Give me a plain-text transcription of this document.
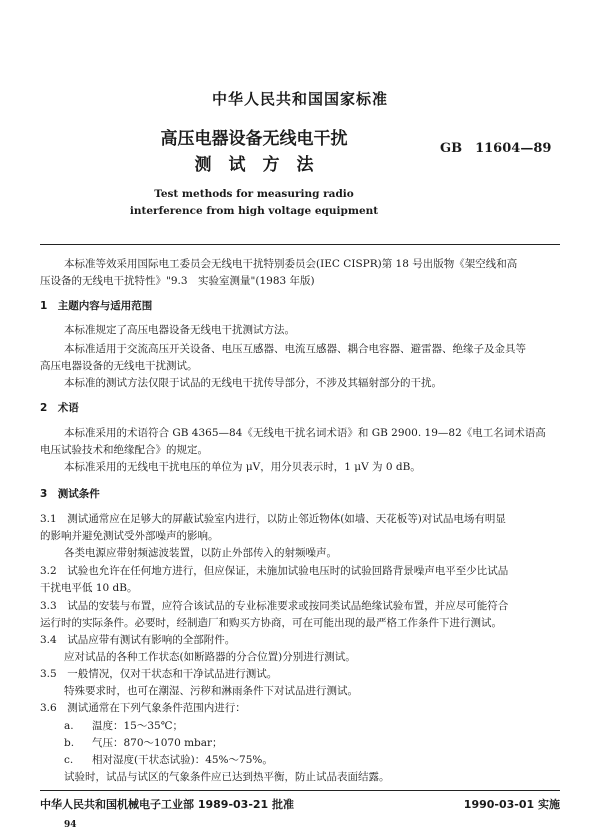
中华人民共和国国家标准
高压电器设备无线电干扰
测　试　方　法
GB　11604—89
Test methods for measuring radio
interference from high voltage equipment
本标准等效采用国际电工委员会无线电干扰特别委员会(IEC CISPR)第 18 号出版物《架空线和高
压设备的无线电干扰特性》"9.3　实验室测量"(1983 年版)
1　主题内容与适用范围
本标准规定了高压电器设备无线电干扰测试方法。
本标准适用于交流高压开关设备、电压互感器、电流互感器、耦合电容器、避雷器、绝缘子及金具等
高压电器设备的无线电干扰测试。
本标准的测试方法仅限于试品的无线电干扰传导部分，不涉及其辐射部分的干扰。
2　术语
本标准采用的术语符合 GB 4365—84《无线电干扰名词术语》和 GB 2900. 19—82《电工名词术语高
电压试验技术和绝缘配合》的规定。
本标准采用的无线电干扰电压的单位为 μV，用分贝表示时，1 μV 为 0 dB。
3　测试条件
3.1　测试通常应在足够大的屏蔽试验室内进行，以防止邻近物体(如墙、天花板等)对试品电场有明显
的影响并避免测试受外部噪声的影响。
各类电源应带射频滤波装置，以防止外部传入的射频噪声。
3.2　试验也允许在任何地方进行，但应保证，未施加试验电压时的试验回路背景噪声电平至少比试品
干扰电平低 10 dB。
3.3　试品的安装与布置，应符合该试品的专业标准要求或按同类试品绝缘试验布置，并应尽可能符合
运行时的实际条件。必要时，经制造厂和购买方协商，可在可能出现的最严格工作条件下进行测试。
3.4　试品应带有测试有影响的全部附件。
应对试品的各种工作状态(如断路器的分合位置)分别进行测试。
3.5　一般情况，仅对干状态和干净试品进行测试。
特殊要求时，也可在潮湿、污秽和淋雨条件下对试品进行测试。
3.6　测试通常在下列气象条件范围内进行：
a. 温度：15～35℃；
b. 气压：870～1070 mbar；
c. 相对湿度(干状态试验)：45%～75%。
试验时，试品与试区的气象条件应已达到热平衡，防止试品表面结露。
中华人民共和国机械电子工业部 1989-03-21 批准	1990-03-01 实施
94
